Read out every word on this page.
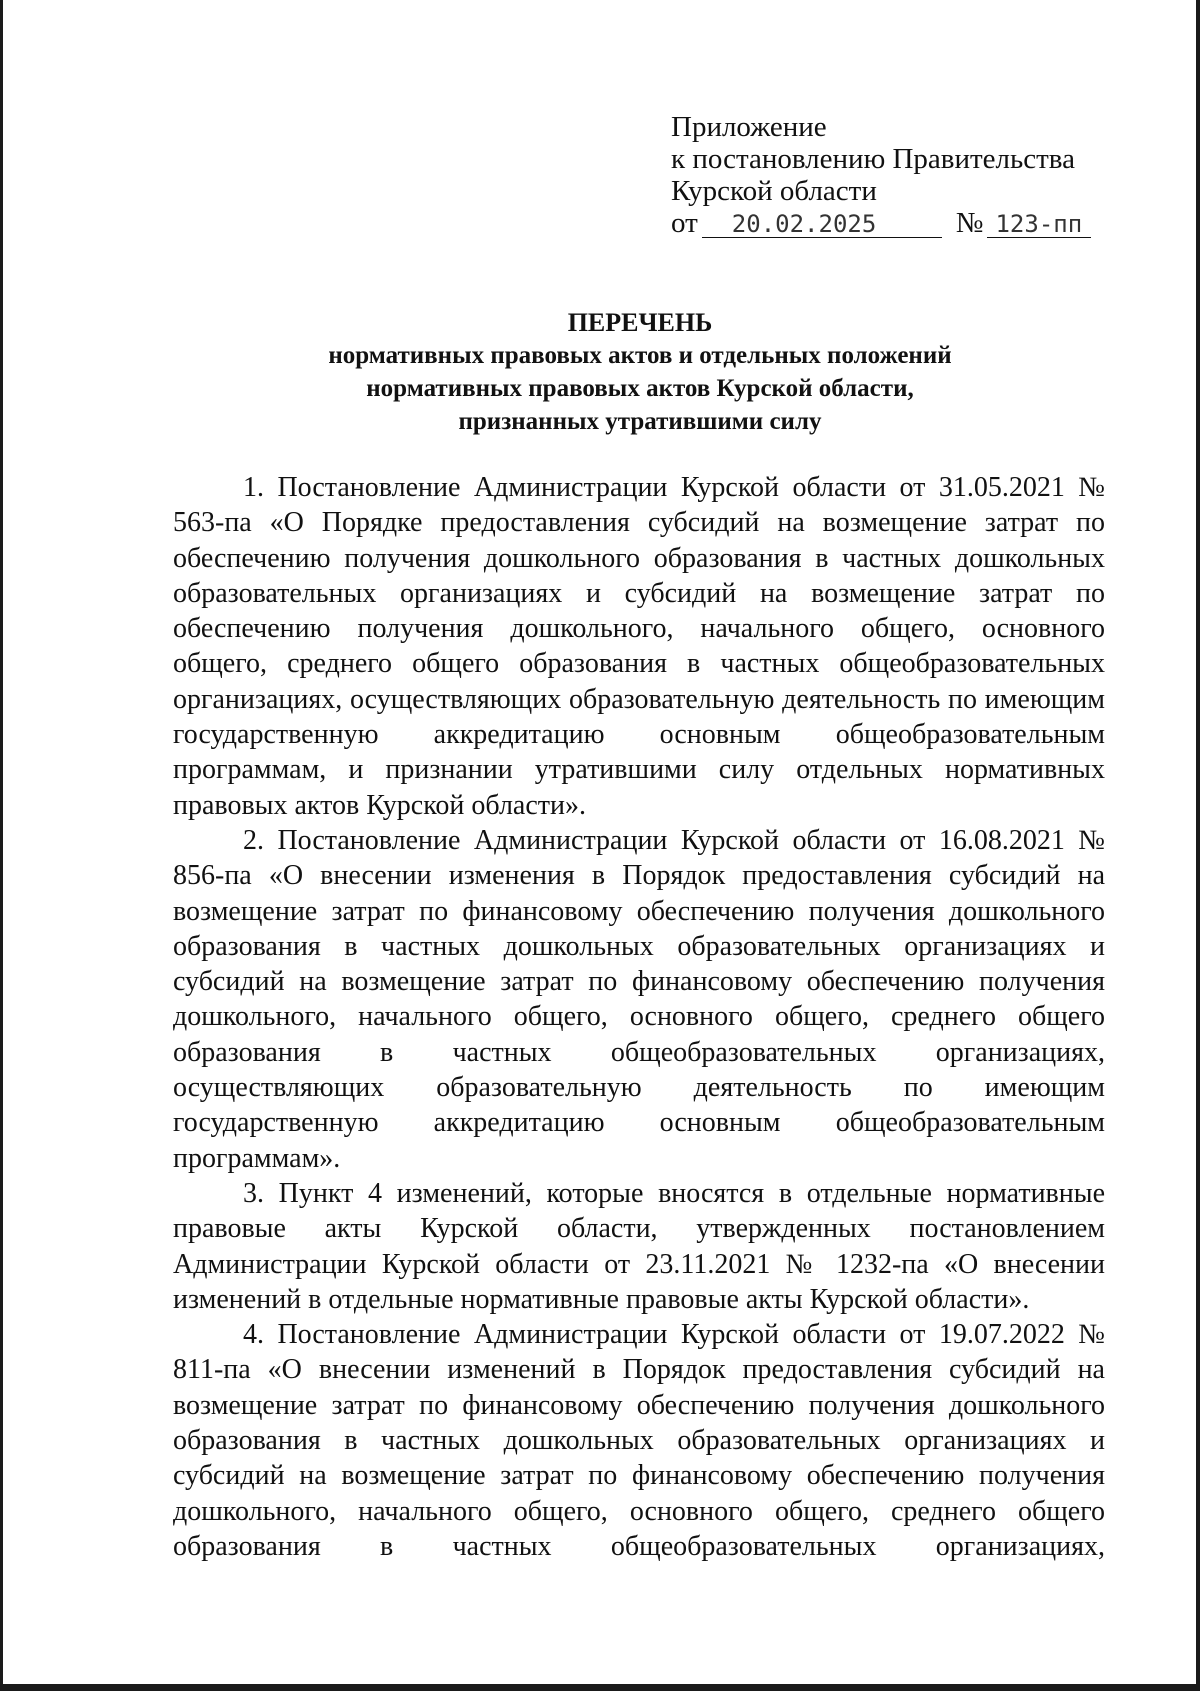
Приложение
к постановлению Правительства
Курской области
от 20.02.2025	№ 123-пп
ПЕРЕЧЕНЬ
нормативных правовых актов и отдельных положений
нормативных правовых актов Курской области,
признанных утратившими силу

1. Постановление Администрации Курской области от 31.05.2021 № 563-па «О Порядке предоставления субсидий на возмещение затрат по обеспечению получения дошкольного образования в частных дошкольных образовательных организациях и субсидий на возмещение затрат по обеспечению получения дошкольного, начального общего, основного общего, среднего общего образования в частных общеобразовательных организациях, осуществляющих образовательную деятельность по имеющим государственную аккредитацию основным общеобразовательным программам, и признании утратившими силу отдельных нормативных правовых актов Курской области».

2. Постановление Администрации Курской области от 16.08.2021 № 856-па «О внесении изменения в Порядок предоставления субсидий на возмещение затрат по финансовому обеспечению получения дошкольного образования в частных дошкольных образовательных организациях и субсидий на возмещение затрат по финансовому обеспечению получения дошкольного, начального общего, основного общего, среднего общего образования в частных общеобразовательных организациях, осуществляющих образовательную деятельность по имеющим государственную аккредитацию основным общеобразовательным программам».

3. Пункт 4 изменений, которые вносятся в отдельные нормативные правовые акты Курской области, утвержденных постановлением Администрации Курской области от 23.11.2021 № 1232-па «О внесении изменений в отдельные нормативные правовые акты Курской области».

4. Постановление Администрации Курской области от 19.07.2022 № 811-па «О внесении изменений в Порядок предоставления субсидий на возмещение затрат по финансовому обеспечению получения дошкольного образования в частных дошкольных образовательных организациях и субсидий на возмещение затрат по финансовому обеспечению получения дошкольного, начального общего, основного общего, среднего общего образования в частных общеобразовательных организациях,
